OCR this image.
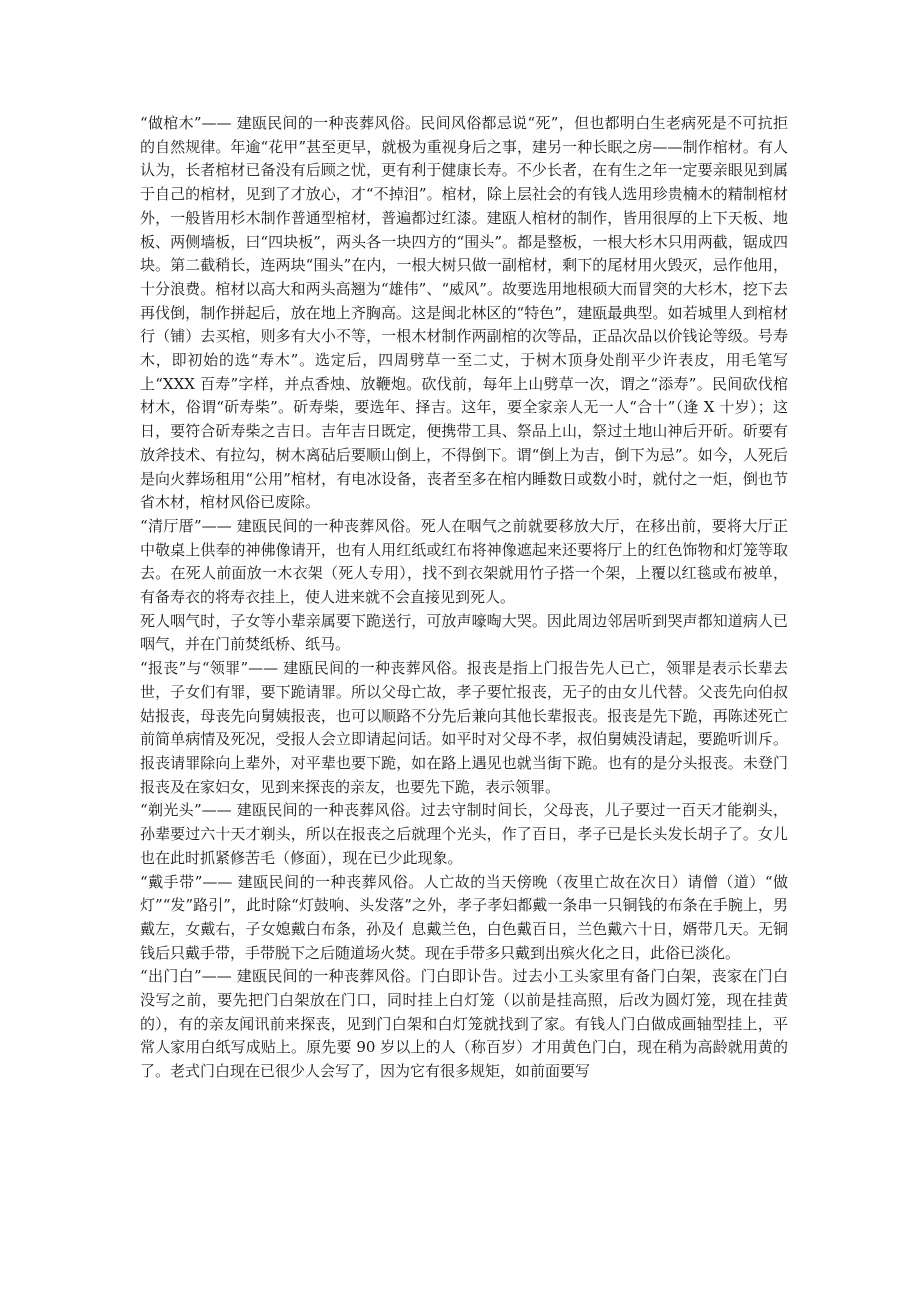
“做棺木”—— 建瓯民间的一种丧葬风俗。民间风俗都忌说“死”，但也都明白生老病死是不可抗拒的自然规律。年逾“花甲”甚至更早，就极为重视身后之事，建另一种长眠之房——制作棺材。有人认为，长者棺材已备没有后顾之忧，更有利于健康长寿。不少长者，在有生之年一定要亲眼见到属于自己的棺材，见到了才放心，才“不掉泪”。棺材，除上层社会的有钱人选用珍贵楠木的精制棺材外，一般皆用杉木制作普通型棺材，普遍都过红漆。建瓯人棺材的制作，皆用很厚的上下天板、地板、两侧墙板，曰“四块板”，两头各一块四方的“围头”。都是整板，一根大杉木只用两截，锯成四块。第二截稍长，连两块“围头”在内，一根大树只做一副棺材，剩下的尾材用火毁灭，忌作他用，十分浪费。棺材以高大和两头高翘为“雄伟”、“威风”。故要选用地根硕大而冒突的大杉木，挖下去再伐倒，制作拼起后，放在地上齐胸高。这是闽北林区的“特色”，建瓯最典型。如若城里人到棺材行（铺）去买棺，则多有大小不等，一根木材制作两副棺的次等品，正品次品以价钱论等级。号寿木，即初始的选“寿木”。选定后，四周劈草一至二丈，于树木顶身处削平少许表皮，用毛笔写上“XXX 百寿”字样，并点香烛、放鞭炮。砍伐前，每年上山劈草一次，谓之“添寿”。民间砍伐棺材木，俗谓“斫寿柴”。斫寿柴，要选年、择吉。这年，要全家亲人无一人“合十”（逢 X 十岁）；这日，要符合斫寿柴之吉日。吉年吉日既定，便携带工具、祭品上山，祭过土地山神后开斫。斫要有放斧技术、有拉勾，树木离砧后要顺山倒上，不得倒下。谓“倒上为吉，倒下为忌”。如今，人死后是向火葬场租用“公用”棺材，有电冰设备，丧者至多在棺内睡数日或数小时，就付之一炬，倒也节省木材，棺材风俗已废除。

“清厅厝”—— 建瓯民间的一种丧葬风俗。死人在咽气之前就要移放大厅，在移出前，要将大厅正中敬桌上供奉的神佛像请开，也有人用红纸或红布将神像遮起来还要将厅上的红色饰物和灯笼等取去。在死人前面放一木衣架（死人专用），找不到衣架就用竹子搭一个架，上覆以红毯或布被单，有备寿衣的将寿衣挂上，使人进来就不会直接见到死人。

死人咽气时，子女等小辈亲属要下跪送行，可放声嚎啕大哭。因此周边邻居听到哭声都知道病人已咽气，并在门前焚纸桥、纸马。

“报丧”与“领罪”—— 建瓯民间的一种丧葬风俗。报丧是指上门报告先人已亡，领罪是表示长辈去世，子女们有罪，要下跪请罪。所以父母亡故，孝子要忙报丧，无子的由女儿代替。父丧先向伯叔姑报丧，母丧先向舅姨报丧，也可以顺路不分先后兼向其他长辈报丧。报丧是先下跪，再陈述死亡前简单病情及死况，受报人会立即请起问话。如平时对父母不孝，叔伯舅姨没请起，要跪听训斥。报丧请罪除向上辈外，对平辈也要下跪，如在路上遇见也就当街下跪。也有的是分头报丧。未登门报丧及在家妇女，见到来探丧的亲友，也要先下跪，表示领罪。

“剃光头”—— 建瓯民间的一种丧葬风俗。过去守制时间长，父母丧，儿子要过一百天才能剃头，孙辈要过六十天才剃头，所以在报丧之后就理个光头，作了百日，孝子已是长头发长胡子了。女儿也在此时抓紧修苦毛（修面），现在已少此现象。

“戴手带”—— 建瓯民间的一种丧葬风俗。人亡故的当天傍晚（夜里亡故在次日）请僧（道）“做灯”“发”路引”，此时除“灯鼓响、头发落”之外，孝子孝妇都戴一条串一只铜钱的布条在手腕上，男戴左，女戴右，子女媳戴白布条，孙及亻息戴兰色，白色戴百日，兰色戴六十日，婿带几天。无铜钱后只戴手带，手带脱下之后随道场火焚。现在手带多只戴到出殡火化之日，此俗已淡化。

“出门白”—— 建瓯民间的一种丧葬风俗。门白即讣告。过去小工头家里有备门白架，丧家在门白没写之前，要先把门白架放在门口，同时挂上白灯笼（以前是挂高照，后改为圆灯笼，现在挂黄的），有的亲友闻讯前来探丧，见到门白架和白灯笼就找到了家。有钱人门白做成画轴型挂上，平常人家用白纸写成贴上。原先要 90 岁以上的人（称百岁）才用黄色门白，现在稍为高龄就用黄的了。老式门白现在已很少人会写了，因为它有很多规矩，如前面要写
